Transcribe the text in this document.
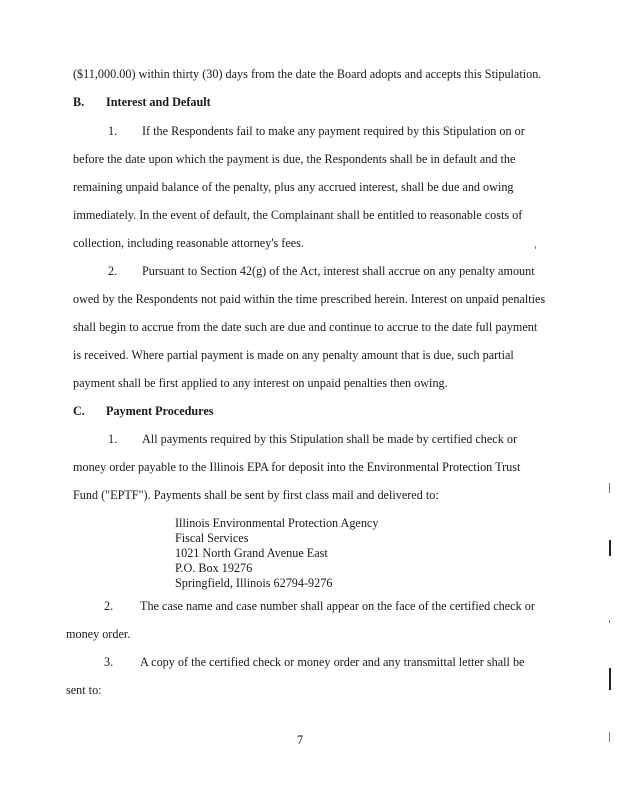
($11,000.00) within thirty (30) days from the date the Board adopts and accepts this Stipulation.
B. Interest and Default
1. If the Respondents fail to make any payment required by this Stipulation on or
before the date upon which the payment is due, the Respondents shall be in default and the
remaining unpaid balance of the penalty, plus any accrued interest, shall be due and owing
immediately. In the event of default, the Complainant shall be entitled to reasonable costs of
collection, including reasonable attorney's fees.
2. Pursuant to Section 42(g) of the Act, interest shall accrue on any penalty amount
owed by the Respondents not paid within the time prescribed herein. Interest on unpaid penalties
shall begin to accrue from the date such are due and continue to accrue to the date full payment
is received. Where partial payment is made on any penalty amount that is due, such partial
payment shall be first applied to any interest on unpaid penalties then owing.
C. Payment Procedures
1. All payments required by this Stipulation shall be made by certified check or
money order payable to the Illinois EPA for deposit into the Environmental Protection Trust
Fund ("EPTF"). Payments shall be sent by first class mail and delivered to:
Illinois Environmental Protection Agency
Fiscal Services
1021 North Grand Avenue East
P.O. Box 19276
Springfield, Illinois 62794-9276
2. The case name and case number shall appear on the face of the certified check or
money order.
3. A copy of the certified check or money order and any transmittal letter shall be
sent to:
7
